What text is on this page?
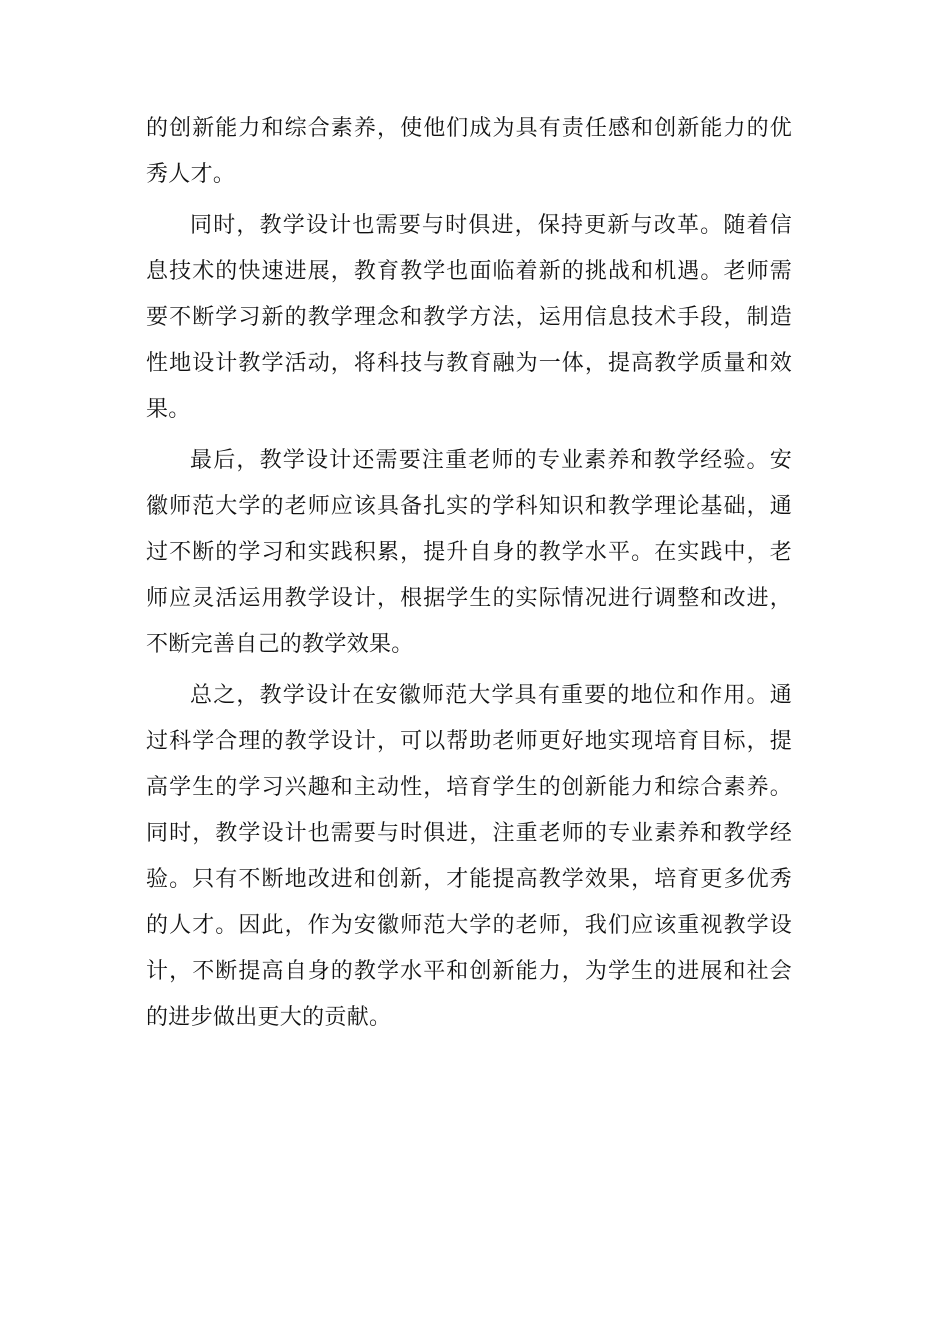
的创新能力和综合素养，使他们成为具有责任感和创新能力的优秀人才。

同时，教学设计也需要与时俱进，保持更新与改革。随着信息技术的快速进展，教育教学也面临着新的挑战和机遇。老师需要不断学习新的教学理念和教学方法，运用信息技术手段，制造性地设计教学活动，将科技与教育融为一体，提高教学质量和效果。

最后，教学设计还需要注重老师的专业素养和教学经验。安徽师范大学的老师应该具备扎实的学科知识和教学理论基础，通过不断的学习和实践积累，提升自身的教学水平。在实践中，老师应灵活运用教学设计，根据学生的实际情况进行调整和改进，不断完善自己的教学效果。

总之，教学设计在安徽师范大学具有重要的地位和作用。通过科学合理的教学设计，可以帮助老师更好地实现培育目标，提高学生的学习兴趣和主动性，培育学生的创新能力和综合素养。同时，教学设计也需要与时俱进，注重老师的专业素养和教学经验。只有不断地改进和创新，才能提高教学效果，培育更多优秀的人才。因此，作为安徽师范大学的老师，我们应该重视教学设计，不断提高自身的教学水平和创新能力，为学生的进展和社会的进步做出更大的贡献。
